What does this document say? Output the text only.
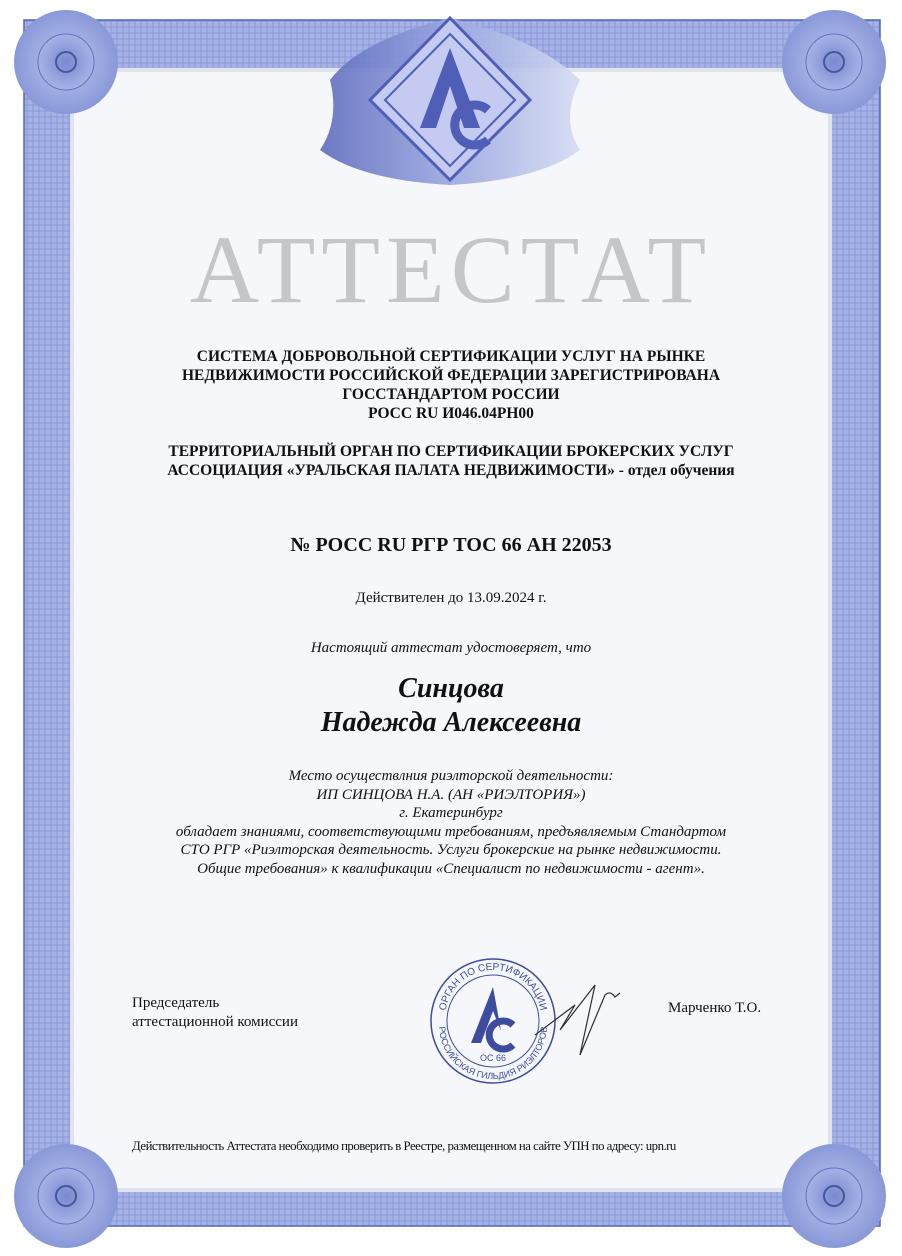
АТТЕСТАТ
СИСТЕМА ДОБРОВОЛЬНОЙ СЕРТИФИКАЦИИ УСЛУГ НА РЫНКЕ
НЕДВИЖИМОСТИ РОССИЙСКОЙ ФЕДЕРАЦИИ ЗАРЕГИСТРИРОВАНА
ГОССТАНДАРТОМ РОССИИ
РОСС RU И046.04РН00
ТЕРРИТОРИАЛЬНЫЙ ОРГАН ПО СЕРТИФИКАЦИИ БРОКЕРСКИХ УСЛУГ
АССОЦИАЦИЯ «УРАЛЬСКАЯ ПАЛАТА НЕДВИЖИМОСТИ» - отдел обучения
№ РОСС RU РГР ТОС 66 АН 22053
Действителен до 13.09.2024 г.
Настоящий аттестат удостоверяет, что
Синцова
Надежда Алексеевна
Место осуществлния риэлторской деятельности:
ИП СИНЦОВА Н.А. (АН «РИЭЛТОРИЯ»)
г. Екатеринбург
обладает знаниями, соответствующими требованиям, предъявляемым Стандартом
СТО РГР «Риэлторская деятельность. Услуги брокерские на рынке недвижимости.
Общие требования» к квалификации «Специалист по недвижимости - агент».
Председатель
аттестационной комиссии
ОРГАН ПО СЕРТИФИКАЦИИ
РОССИЙСКАЯ ГИЛЬДИЯ РИЭЛТОРОВ
ОС 66
Марченко Т.О.
Действительность Аттестата необходимо проверить в Реестре, размещенном на сайте УПН по адресу: upn.ru
